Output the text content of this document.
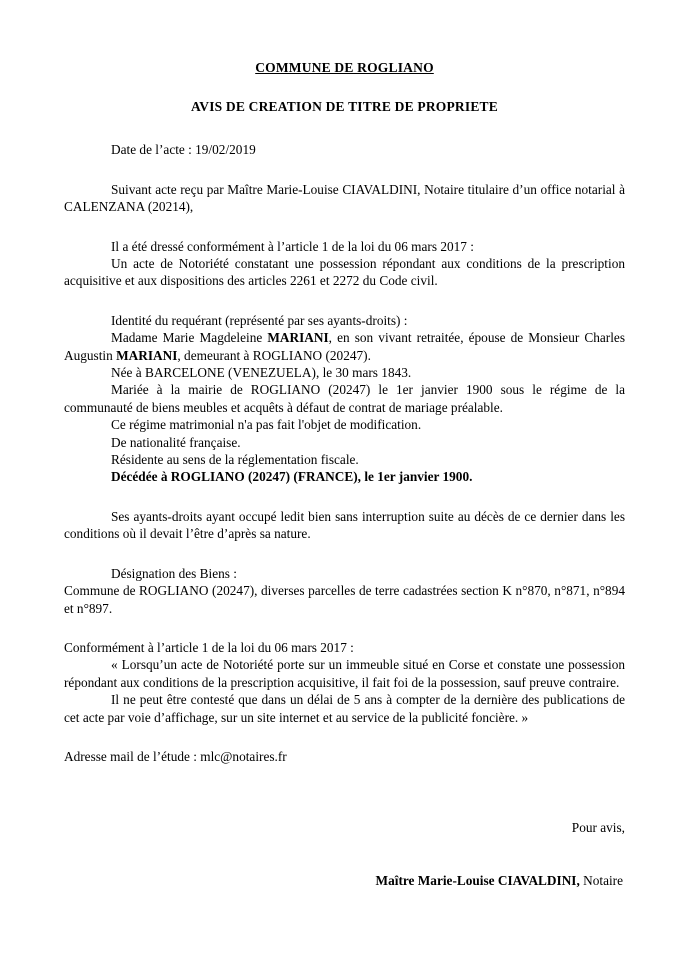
COMMUNE DE ROGLIANO
AVIS DE CREATION DE TITRE DE PROPRIETE

Date de l’acte : 19/02/2019

Suivant acte reçu par Maître Marie-Louise CIAVALDINI, Notaire titulaire d’un office notarial à CALENZANA (20214),

Il a été dressé conformément à l’article 1 de la loi du 06 mars 2017 :

Un acte de Notoriété constatant une possession répondant aux conditions de la prescription acquisitive et aux dispositions des articles 2261 et 2272 du Code civil.

Identité du requérant (représenté par ses ayants-droits) :

Madame Marie Magdeleine MARIANI, en son vivant retraitée, épouse de Monsieur Charles Augustin MARIANI, demeurant à ROGLIANO (20247).

Née à BARCELONE (VENEZUELA), le 30 mars 1843.

Mariée à la mairie de ROGLIANO (20247) le 1er janvier 1900 sous le régime de la communauté de biens meubles et acquêts à défaut de contrat de mariage préalable.

Ce régime matrimonial n'a pas fait l'objet de modification.

De nationalité française.

Résidente au sens de la réglementation fiscale.

Décédée à ROGLIANO (20247) (FRANCE), le 1er janvier 1900.

Ses ayants-droits ayant occupé ledit bien sans interruption suite au décès de ce dernier dans les conditions où il devait l’être d’après sa nature.

Désignation des Biens :

Commune de ROGLIANO (20247), diverses parcelles de terre cadastrées section K n°870, n°871, n°894 et n°897.

Conformément à l’article 1 de la loi du 06 mars 2017 :

« Lorsqu’un acte de Notoriété porte sur un immeuble situé en Corse et constate une possession répondant aux conditions de la prescription acquisitive, il fait foi de la possession, sauf preuve contraire.

Il ne peut être contesté que dans un délai de 5 ans à compter de la dernière des publications de cet acte par voie d’affichage, sur un site internet et au service de la publicité foncière. »

Adresse mail de l’étude : mlc@notaires.fr

Pour avis,

Maître Marie-Louise CIAVALDINI, Notaire
